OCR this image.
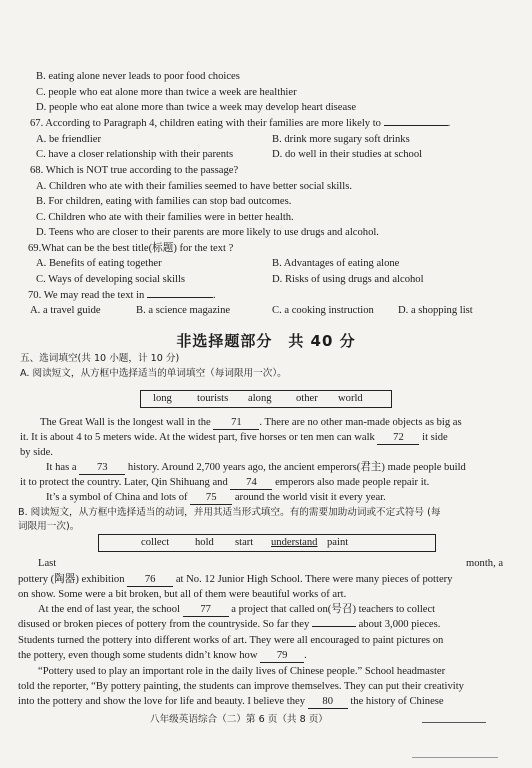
B. eating alone never leads to poor food choices
C. people who eat alone more than twice a week are healthier
D. people who eat alone more than twice a week may develop heart disease
67. According to Paragraph 4, children eating with their families are more likely to	.
A. be friendlier	B. drink more sugary soft drinks
C. have a closer relationship with their parents	D. do well in their studies at school
68. Which is NOT true according to the passage?
A. Children who ate with their families seemed to have better social skills.
B. For children, eating with families can stop bad outcomes.
C. Children who ate with their families were in better health.
D. Teens who are closer to their parents are more likely to use drugs and alcohol.
69.What can be the best title(标题) for the text ?
A. Benefits of eating together	B. Advantages of eating alone
C. Ways of developing social skills	D. Risks of using drugs and alcohol
70. We may read the text in	.
A. a travel guide	B. a science magazine	C. a cooking instruction D. a shopping list
非选择题部分　共 40 分
五、选词填空(共 10 小题，计 10 分)
A. 阅读短文，从方框中选择适当的单词填空（每词限用一次）。
long tourists along other world
The Great Wall is the longest wall in the 71 . There are no other man-made objects as big as
it. It is about 4 to 5 meters wide. At the widest part, five horses or ten men can walk 72 it side
by side.
It has a 73 history. Around 2,700 years ago, the ancient emperors(君主) made people build
it to protect the country. Later, Qin Shihuang and 74 emperors also made people repair it.
It’s a symbol of China and lots of 75 around the world visit it every year.
B. 阅读短文，从方框中选择适当的动词，并用其适当形式填空。有的需要加助动词或不定式符号 (每
词限用一次)。
collect hold start understand paint
Last	month, a
pottery (陶器) exhibition 76 at No. 12 Junior High School. There were many pieces of pottery
on show. Some were a bit broken, but all of them were beautiful works of art.
At the end of last year, the school 77 a project that called on(号召) teachers to collect
disused or broken pieces of pottery from the countryside. So far they	about 3,000 pieces.
Students turned the pottery into different works of art. They were all encouraged to paint pictures on
the pottery, even though some students didn’t know how 79 .
“Pottery used to play an important role in the daily lives of Chinese people.” School headmaster
told the reporter, “By pottery painting, the students can improve themselves. They can put their creativity
into the pottery and show the love for life and beauty. I believe they 80 the history of Chinese
八年级英语综合（二）第 6 页（共 8 页）
